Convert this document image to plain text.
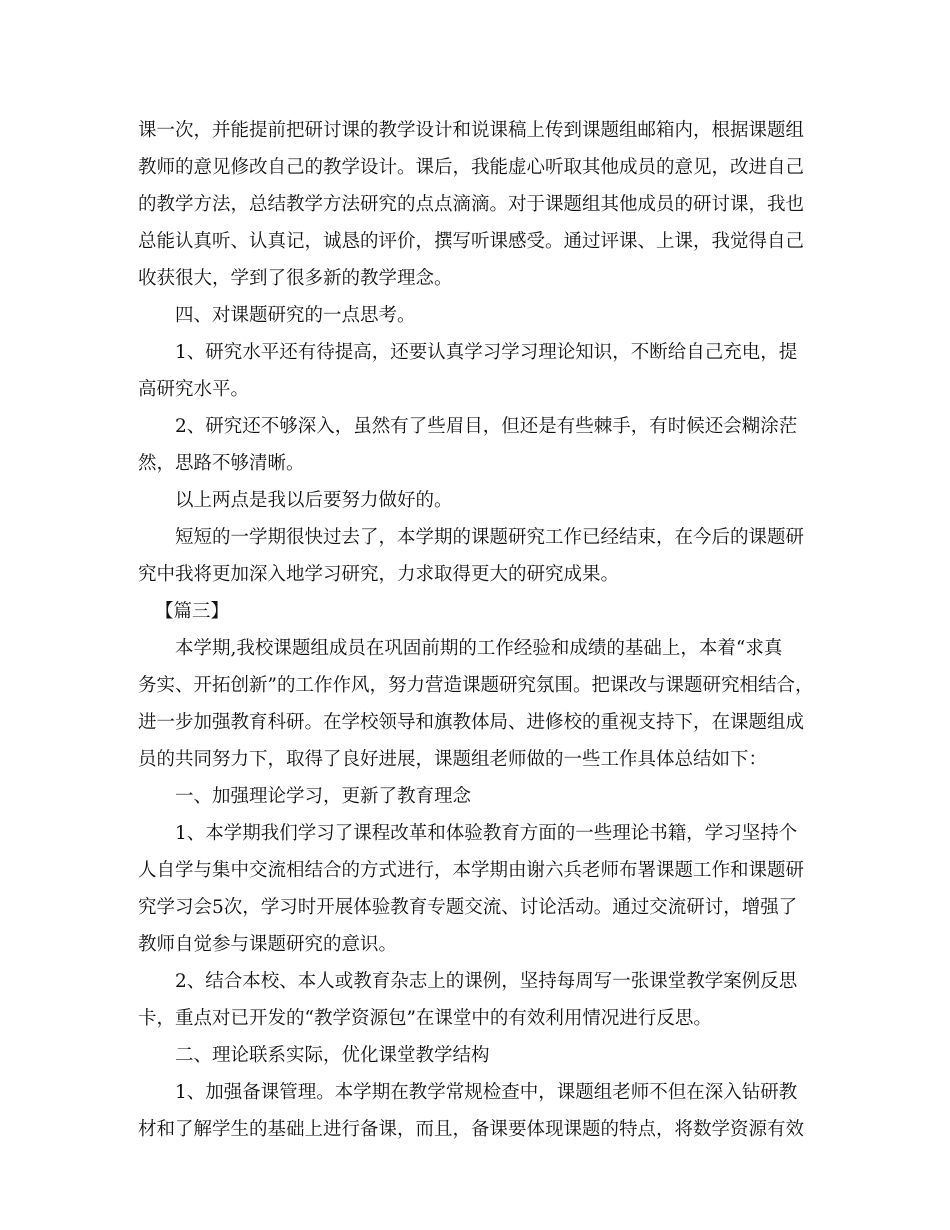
课一次，并能提前把研讨课的教学设计和说课稿上传到课题组邮箱内，根据课题组
教师的意见修改自己的教学设计。课后，我能虚心听取其他成员的意见，改进自己
的教学方法，总结教学方法研究的点点滴滴。对于课题组其他成员的研讨课，我也
总能认真听、认真记，诚恳的评价，撰写听课感受。通过评课、上课，我觉得自己
收获很大，学到了很多新的教学理念。
四、对课题研究的一点思考。
1、研究水平还有待提高，还要认真学习学习理论知识，不断给自己充电，提
高研究水平。
2、研究还不够深入，虽然有了些眉目，但还是有些棘手，有时候还会糊涂茫
然，思路不够清晰。
以上两点是我以后要努力做好的。
短短的一学期很快过去了，本学期的课题研究工作已经结束，在今后的课题研
究中我将更加深入地学习研究，力求取得更大的研究成果。
【篇三】
本学期,我校课题组成员在巩固前期的工作经验和成绩的基础上，本着“求真
务实、开拓创新”的工作作风，努力营造课题研究氛围。把课改与课题研究相结合，
进一步加强教育科研。在学校领导和旗教体局、进修校的重视支持下，在课题组成
员的共同努力下，取得了良好进展，课题组老师做的一些工作具体总结如下：
一、加强理论学习，更新了教育理念
1、本学期我们学习了课程改革和体验教育方面的一些理论书籍，学习坚持个
人自学与集中交流相结合的方式进行，本学期由谢六兵老师布署课题工作和课题研
究学习会5次，学习时开展体验教育专题交流、讨论活动。通过交流研讨，增强了
教师自觉参与课题研究的意识。
2、结合本校、本人或教育杂志上的课例，坚持每周写一张课堂教学案例反思
卡，重点对已开发的“教学资源包”在课堂中的有效利用情况进行反思。
二、理论联系实际，优化课堂教学结构
1、加强备课管理。本学期在教学常规检查中，课题组老师不但在深入钻研教
材和了解学生的基础上进行备课，而且，备课要体现课题的特点，将数学资源有效
